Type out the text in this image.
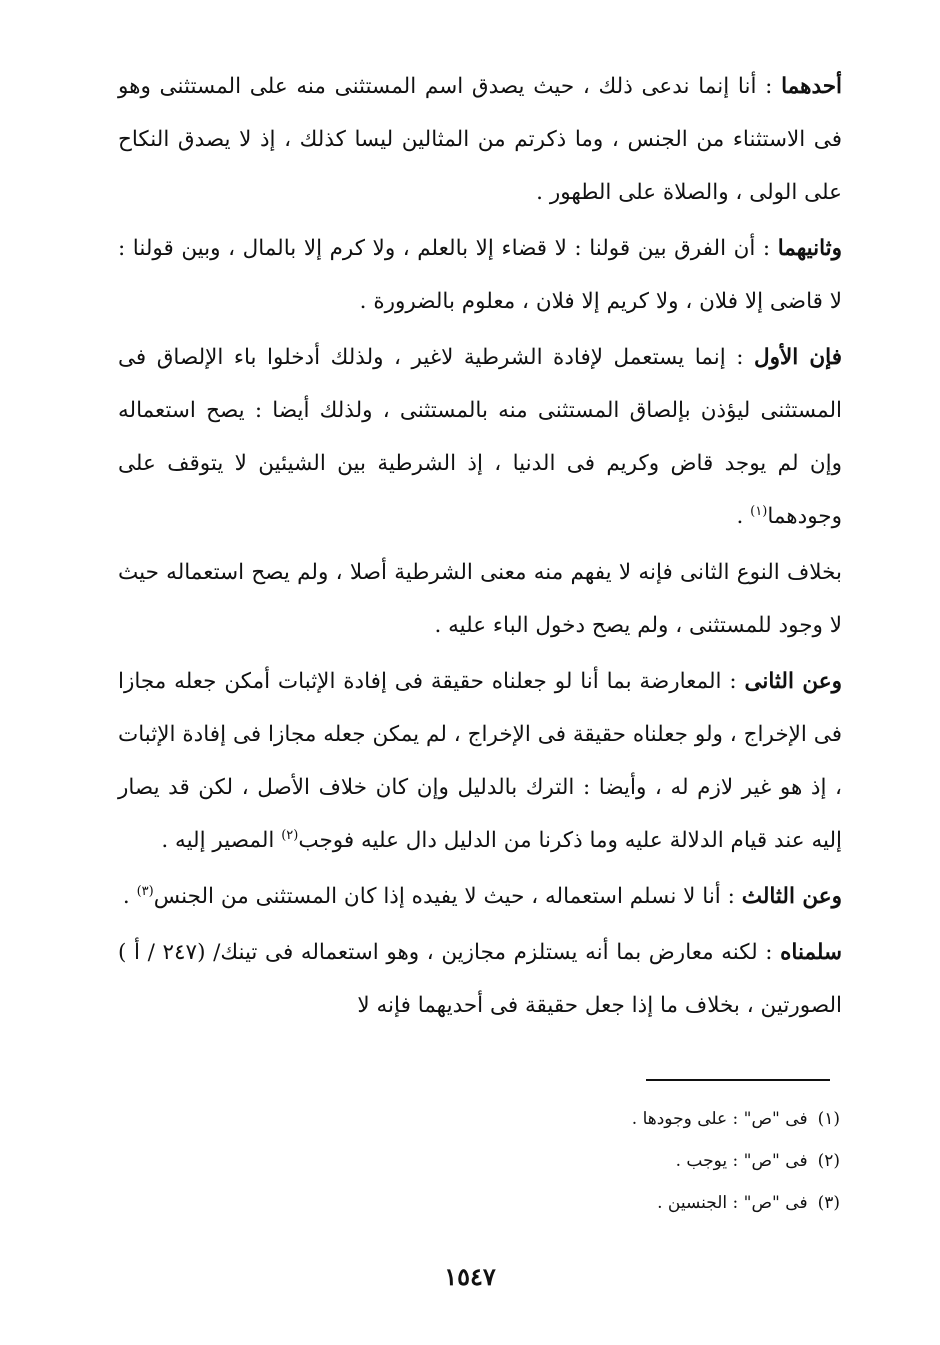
أحدهما : أنا إنما ندعى ذلك ، حيث يصدق اسم المستثنى منه على المستثنى وهو فى الاستثناء من الجنس ، وما ذكرتم من المثالين ليسا كذلك ، إذ لا يصدق النكاح على الولى ، والصلاة على الطهور .

وثانيهما : أن الفرق بين قولنا : لا قضاء إلا بالعلم ، ولا كرم إلا بالمال ، وبين قولنا : لا قاضى إلا فلان ، ولا كريم إلا فلان ، معلوم بالضرورة .

فإن الأول : إنما يستعمل لإفادة الشرطية لاغير ، ولذلك أدخلوا باء الإلصاق فى المستثنى ليؤذن بإلصاق المستثنى منه بالمستثنى ، ولذلك أيضا : يصح استعماله وإن لم يوجد قاض وكريم فى الدنيا ، إذ الشرطية بين الشيئين لا يتوقف على وجودهما$^{(١)}$ .

بخلاف النوع الثانى فإنه لا يفهم منه معنى الشرطية أصلا ، ولم يصح استعماله حيث لا وجود للمستثنى ، ولم يصح دخول الباء عليه .

وعن الثانى : المعارضة بما أنا لو جعلناه حقيقة فى إفادة الإثبات أمكن جعله مجازا فى الإخراج ، ولو جعلناه حقيقة فى الإخراج ، لم يمكن جعله مجازا فى إفادة الإثبات ، إذ هو غير لازم له ، وأيضا : الترك بالدليل وإن كان خلاف الأصل ، لكن قد يصار إليه عند قيام الدلالة عليه وما ذكرنا من الدليل دال عليه فوجب$^{(٢)}$ المصير إليه .

وعن الثالث : أنا لا نسلم استعماله ، حيث لا يفيده إذا كان المستثنى من الجنس$^{(٣)}$ .

سلمناه : لكنه معارض بما أنه يستلزم مجازين ، وهو استعماله فى تينك/ (٢٤٧ / أ ) الصورتين ، بخلاف ما إذا جعل حقيقة فى أحديهما فإنه لا

(١)فى "ص" : على وجودها .
(٢)فى "ص" : يوجب .
(٣)فى "ص" : الجنسين .
١٥٤٧
